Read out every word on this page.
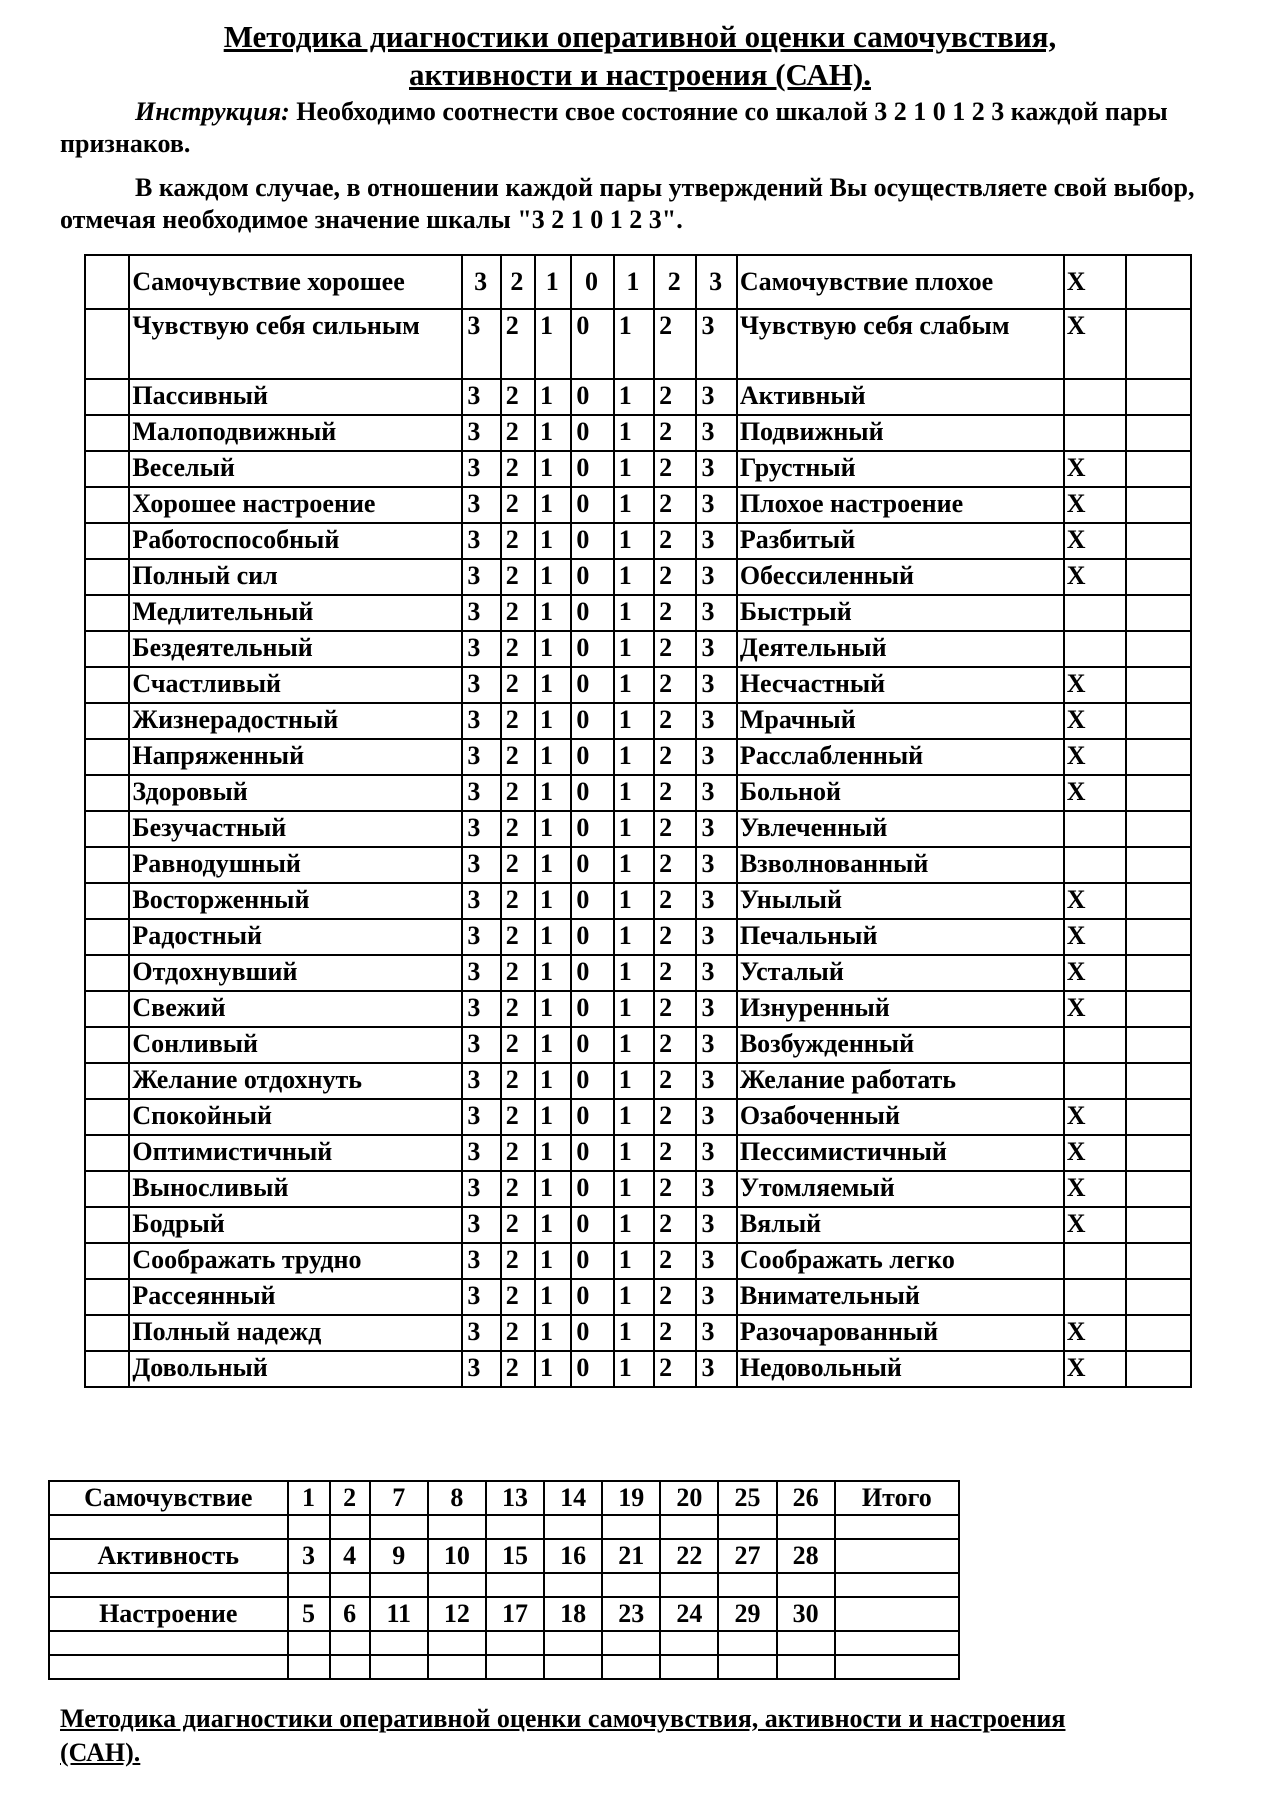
Методика диагностики оперативной оценки самочувствия,
активности и настроения (САН).
Инструкция: Необходимо соотнести свое состояние со шкалой 3 2 1 0 1 2 3 каждой пары признаков.
В каждом случае, в отношении каждой пары утверждений Вы осуществляете свой выбор, отмечая необходимое значение шкалы "3 2 1 0 1 2 3".
	Самочувствие хорошее	3	2	1	0	1	2	3	Самочувствие плохое	X	
	Чувствую себя сильным	3	2	1	0	1	2	3	Чувствую себя слабым	X	
	Пассивный	3	2	1	0	1	2	3	Активный		
	Малоподвижный	3	2	1	0	1	2	3	Подвижный		
	Веселый	3	2	1	0	1	2	3	Грустный	X	
	Хорошее настроение	3	2	1	0	1	2	3	Плохое настроение	X	
	Работоспособный	3	2	1	0	1	2	3	Разбитый	X	
	Полный сил	3	2	1	0	1	2	3	Обессиленный	X	
	Медлительный	3	2	1	0	1	2	3	Быстрый		
	Бездеятельный	3	2	1	0	1	2	3	Деятельный		
	Счастливый	3	2	1	0	1	2	3	Несчастный	X	
	Жизнерадостный	3	2	1	0	1	2	3	Мрачный	X	
	Напряженный	3	2	1	0	1	2	3	Расслабленный	X	
	Здоровый	3	2	1	0	1	2	3	Больной	X	
	Безучастный	3	2	1	0	1	2	3	Увлеченный		
	Равнодушный	3	2	1	0	1	2	3	Взволнованный		
	Восторженный	3	2	1	0	1	2	3	Унылый	X	
	Радостный	3	2	1	0	1	2	3	Печальный	X	
	Отдохнувший	3	2	1	0	1	2	3	Усталый	X	
	Свежий	3	2	1	0	1	2	3	Изнуренный	X	
	Сонливый	3	2	1	0	1	2	3	Возбужденный		
	Желание отдохнуть	3	2	1	0	1	2	3	Желание работать		
	Спокойный	3	2	1	0	1	2	3	Озабоченный	X	
	Оптимистичный	3	2	1	0	1	2	3	Пессимистичный	X	
	Выносливый	3	2	1	0	1	2	3	Утомляемый	X	
	Бодрый	3	2	1	0	1	2	3	Вялый	X	
	Соображать трудно	3	2	1	0	1	2	3	Соображать легко		
	Рассеянный	3	2	1	0	1	2	3	Внимательный		
	Полный надежд	3	2	1	0	1	2	3	Разочарованный	X	
	Довольный	3	2	1	0	1	2	3	Недовольный	X	
Самочувствие	1	2	7	8	13	14	19	20	25	26	Итого

Активность	3	4	9	10	15	16	21	22	27	28	

Настроение	5	6	11	12	17	18	23	24	29	30	

Методика диагностики оперативной оценки самочувствия, активности и настроения (САН).
